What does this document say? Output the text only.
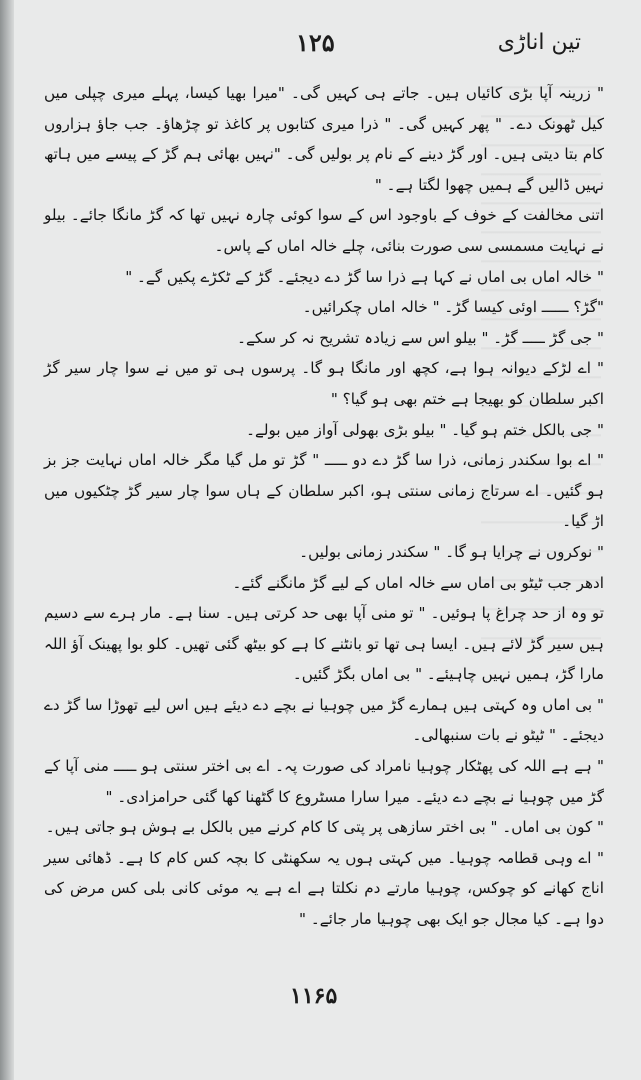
۱۲۵	تین اناڑی

" زرینہ آپا بڑی کائیاں ہیں۔ جاتے ہی کہیں گی۔ "میرا بھیا کیسا، پہلے میری چپلی میں کیل ٹھونک دے۔ " پھر کہیں گی۔ " ذرا میری کتابوں پر کاغذ تو چڑھاؤ۔ جب جاؤ ہزاروں کام بتا دیتی ہیں۔ اور گڑ دینے کے نام پر بولیں گی۔ "نہیں بھائی ہم گڑ کے پیسے میں ہاتھ نہیں ڈالیں گے ہمیں چھوا لگتا ہے۔ "

اتنی مخالفت کے خوف کے باوجود اس کے سوا کوئی چارہ نہیں تھا کہ گڑ مانگا جائے۔ بیلو نے نہایت مسمسی سی صورت بنائی، چلے خالہ اماں کے پاس۔

" خالہ اماں بی اماں نے کہا ہے ذرا سا گڑ دے دیجئے۔ گڑ کے ٹکڑے پکیں گے۔ "

"گڑ؟ ــــــ اوئی کیسا گڑ۔ " خالہ اماں چکرائیں۔

" جی گڑ ـــــ گڑ۔ " بیلو اس سے زیادہ تشریح نہ کر سکے۔

" اے لڑکے دیوانہ ہوا ہے، کچھ اور مانگا ہو گا۔ پرسوں ہی تو میں نے سوا چار سیر گڑ اکبر سلطان کو بھیجا ہے ختم بھی ہو گیا؟ "

" جی بالکل ختم ہو گیا۔ " بیلو بڑی بھولی آواز میں بولے۔

" اے بوا سکندر زمانی، ذرا سا گڑ دے دو ـــــ " گڑ تو مل گیا مگر خالہ اماں نہایت جز بز ہو گئیں۔ اے سرتاج زمانی سنتی ہو، اکبر سلطان کے ہاں سوا چار سیر گڑ چٹکیوں میں اڑ گیا۔

" نوکروں نے چرایا ہو گا۔ " سکندر زمانی بولیں۔

ادھر جب ٹیٹو بی اماں سے خالہ اماں کے لیے گڑ مانگنے گئے۔

تو وہ از حد چراغ پا ہوئیں۔ " تو منی آپا بھی حد کرتی ہیں۔ سنا ہے۔ مار ہرے سے دسیم ہیں سیر گڑ لائے ہیں۔ ایسا ہی تھا تو بانٹنے کا ہے کو بیٹھ گئی تھیں۔ کلو بوا پھینک آؤ اللہ مارا گڑ، ہمیں نہیں چاہیئے۔ " بی اماں بگڑ گئیں۔

" بی اماں وہ کہتی ہیں ہمارے گڑ میں چوہیا نے بچے دے دیئے ہیں اس لیے تھوڑا سا گڑ دے دیجئے۔ " ٹیٹو نے بات سنبھالی۔

" ہے ہے اللہ کی پھٹکار چوہیا نامراد کی صورت پہ۔ اے بی اختر سنتی ہو ـــــ منی آپا کے گڑ میں چوہیا نے بچے دے دیئے۔ میرا سارا مسٹروع کا گٹھنا کھا گئی حرامزادی۔ "

" کون بی اماں۔ " بی اختر سازھی پر پتی کا کام کرنے میں بالکل بے ہوش ہو جاتی ہیں۔

" اے وہی قطامہ چوہیا۔ میں کہتی ہوں یہ سکھنٹی کا بچہ کس کام کا ہے۔ ڈھائی سیر اناج کھانے کو چوکس، چوہیا مارتے دم نکلتا ہے اے ہے یہ موئی کانی بلی کس مرض کی دوا ہے۔ کیا مجال جو ایک بھی چوہیا مار جائے۔ "

۱۱۶۵
